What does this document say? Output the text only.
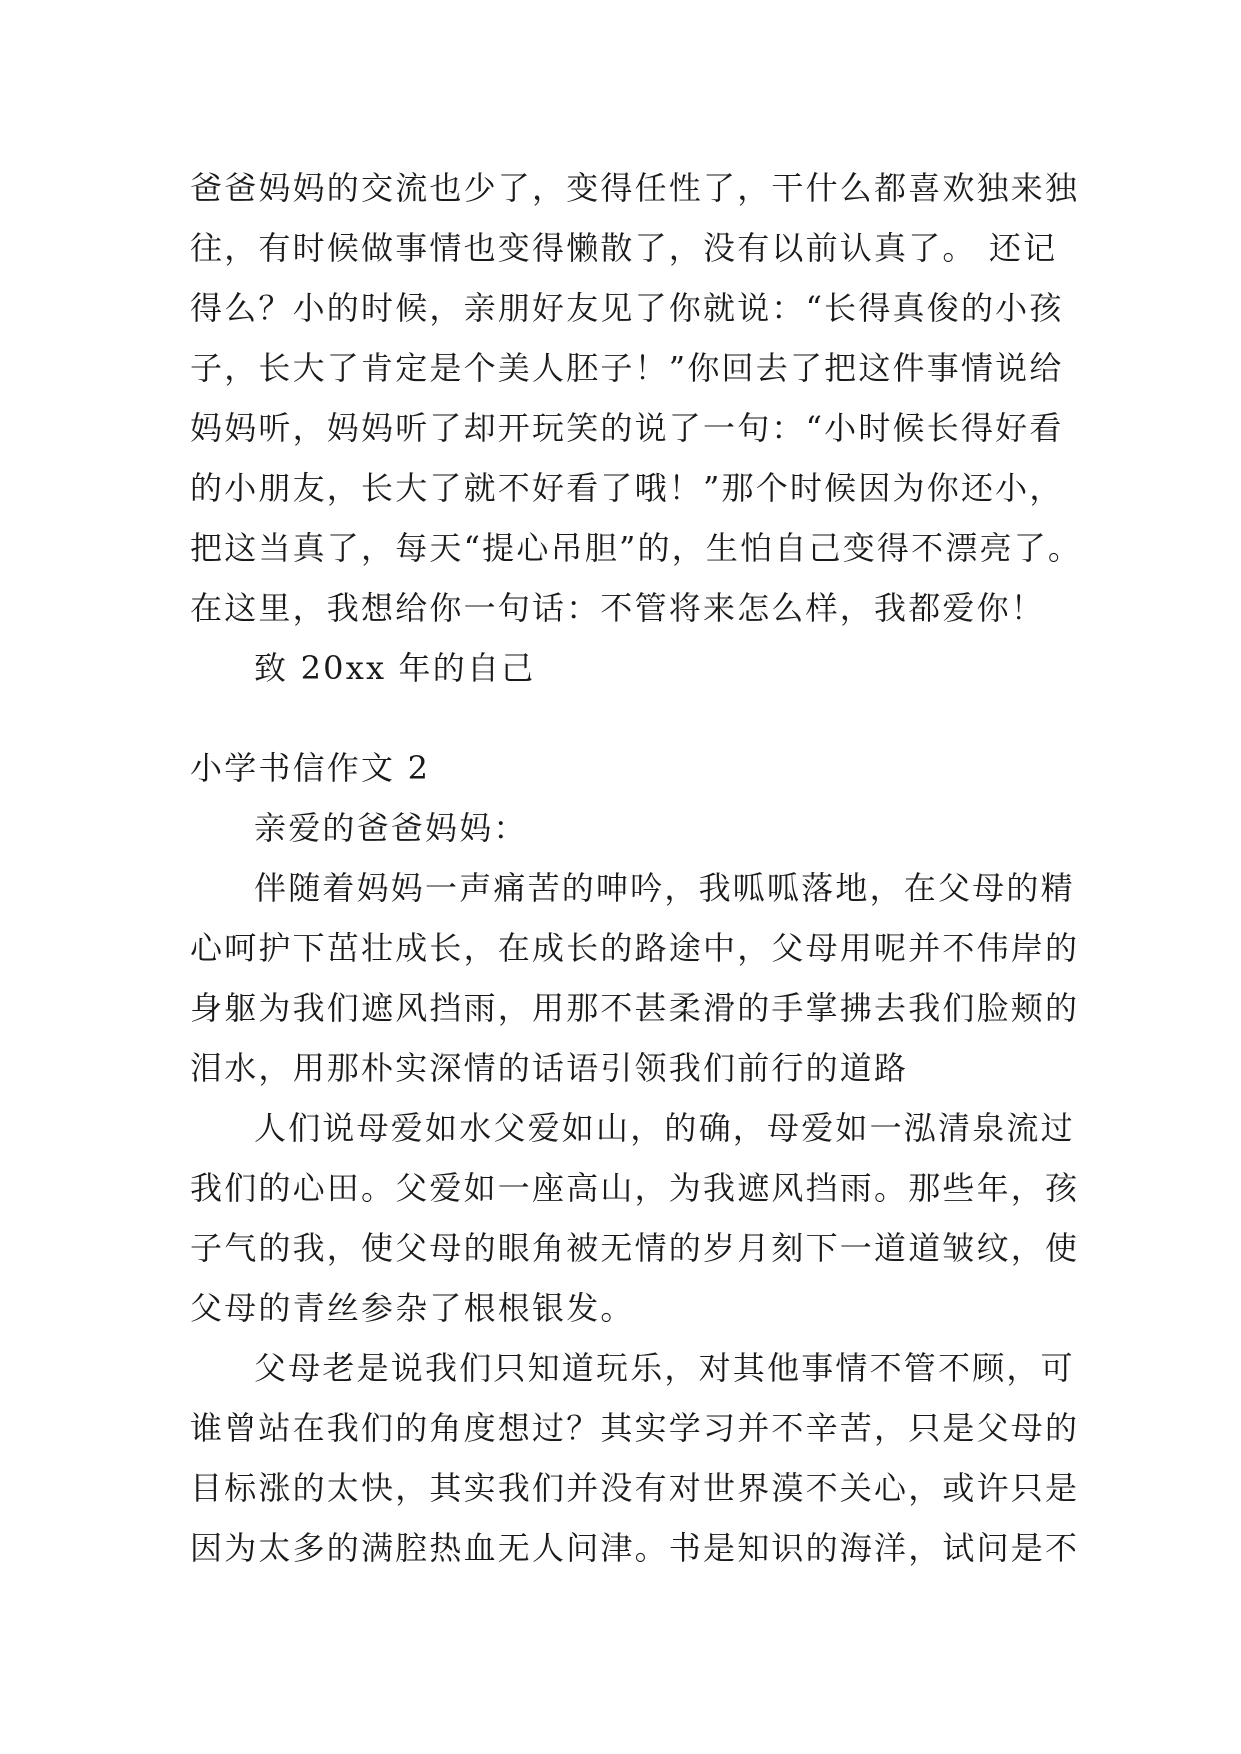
爸爸妈妈的交流也少了，变得任性了，干什么都喜欢独来独
往，有时候做事情也变得懒散了，没有以前认真了。 还记
得么？小的时候，亲朋好友见了你就说：“长得真俊的小孩
子，长大了肯定是个美人胚子！”你回去了把这件事情说给
妈妈听，妈妈听了却开玩笑的说了一句：“小时候长得好看
的小朋友，长大了就不好看了哦！”那个时候因为你还小，
把这当真了，每天“提心吊胆”的，生怕自己变得不漂亮了。
在这里，我想给你一句话：不管将来怎么样，我都爱你！
致 20xx 年的自己
小学书信作文 2
亲爱的爸爸妈妈：
伴随着妈妈一声痛苦的呻吟，我呱呱落地，在父母的精
心呵护下茁壮成长，在成长的路途中，父母用呢并不伟岸的
身躯为我们遮风挡雨，用那不甚柔滑的手掌拂去我们脸颊的
泪水，用那朴实深情的话语引领我们前行的道路
人们说母爱如水父爱如山，的确，母爱如一泓清泉流过
我们的心田。父爱如一座高山，为我遮风挡雨。那些年，孩
子气的我，使父母的眼角被无情的岁月刻下一道道皱纹，使
父母的青丝参杂了根根银发。
父母老是说我们只知道玩乐，对其他事情不管不顾，可
谁曾站在我们的角度想过？其实学习并不辛苦，只是父母的
目标涨的太快，其实我们并没有对世界漠不关心，或许只是
因为太多的满腔热血无人问津。书是知识的海洋，试问是不
